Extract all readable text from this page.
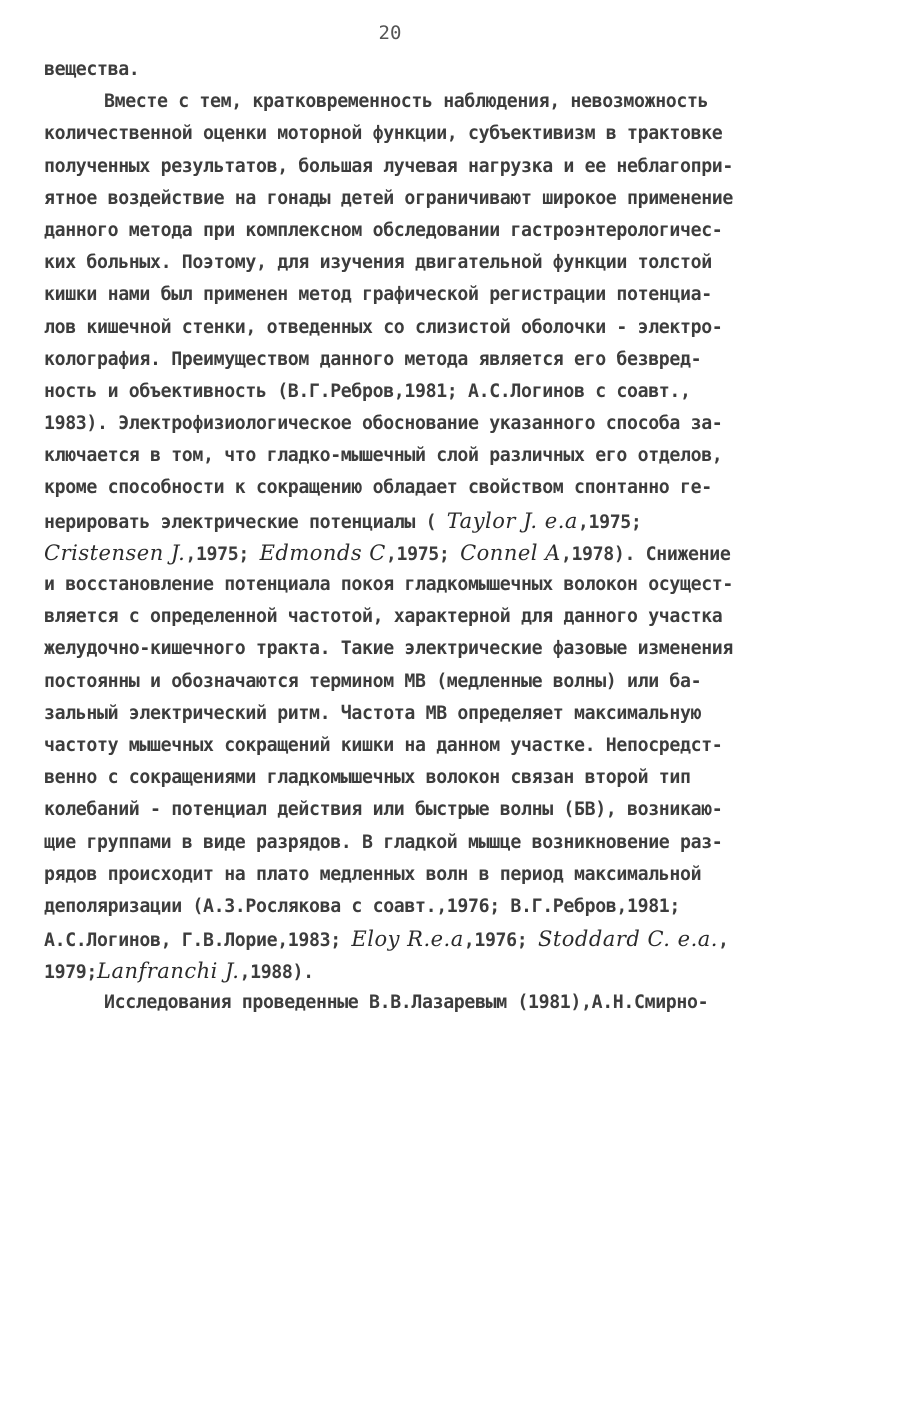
20
вещества.
Вместе с тем, кратковременность наблюдения, невозможность
количественной оценки моторной функции, субъективизм в трактовке
полученных результатов, большая лучевая нагрузка и ее неблагопри-
ятное воздействие на гонады детей ограничивают широкое применение
данного метода при комплексном обследовании гастроэнтерологичес-
ких больных. Поэтому, для изучения двигательной функции толстой
кишки нами был применен метод графической регистрации потенциа-
лов кишечной стенки, отведенных со слизистой оболочки - электро-
колография. Преимуществом данного метода является его безвред-
ность и объективность (В.Г.Ребров,1981; А.С.Логинов с соавт.,
1983). Электрофизиологическое обоснование указанного способа за-
ключается в том, что гладко-мышечный слой различных его отделов,
кроме способности к сокращению обладает свойством спонтанно ге-
нерировать электрические потенциалы ( Taylor J. e.a,1975;
Cristensen J.,1975; Edmonds C,1975; Connel A,1978). Снижение
и восстановление потенциала покоя гладкомышечных волокон осущест-
вляется с определенной частотой, характерной для данного участка
желудочно-кишечного тракта. Такие электрические фазовые изменения
постоянны и обозначаются термином МВ (медленные волны) или ба-
зальный электрический ритм. Частота МВ определяет максимальную
частоту мышечных сокращений кишки на данном участке. Непосредст-
венно с сокращениями гладкомышечных волокон связан второй тип
колебаний - потенциал действия или быстрые волны (БВ), возникаю-
щие группами в виде разрядов. В гладкой мышце возникновение раз-
рядов происходит на плато медленных волн в период максимальной
деполяризации (А.З.Рослякова с соавт.,1976; В.Г.Ребров,1981;
А.С.Логинов, Г.В.Лорие,1983; Eloy R.e.a,1976; Stoddard C. e.a.,
1979;Lanfranchi J.,1988).
Исследования проведенные В.В.Лазаревым (1981),А.Н.Смирно-
